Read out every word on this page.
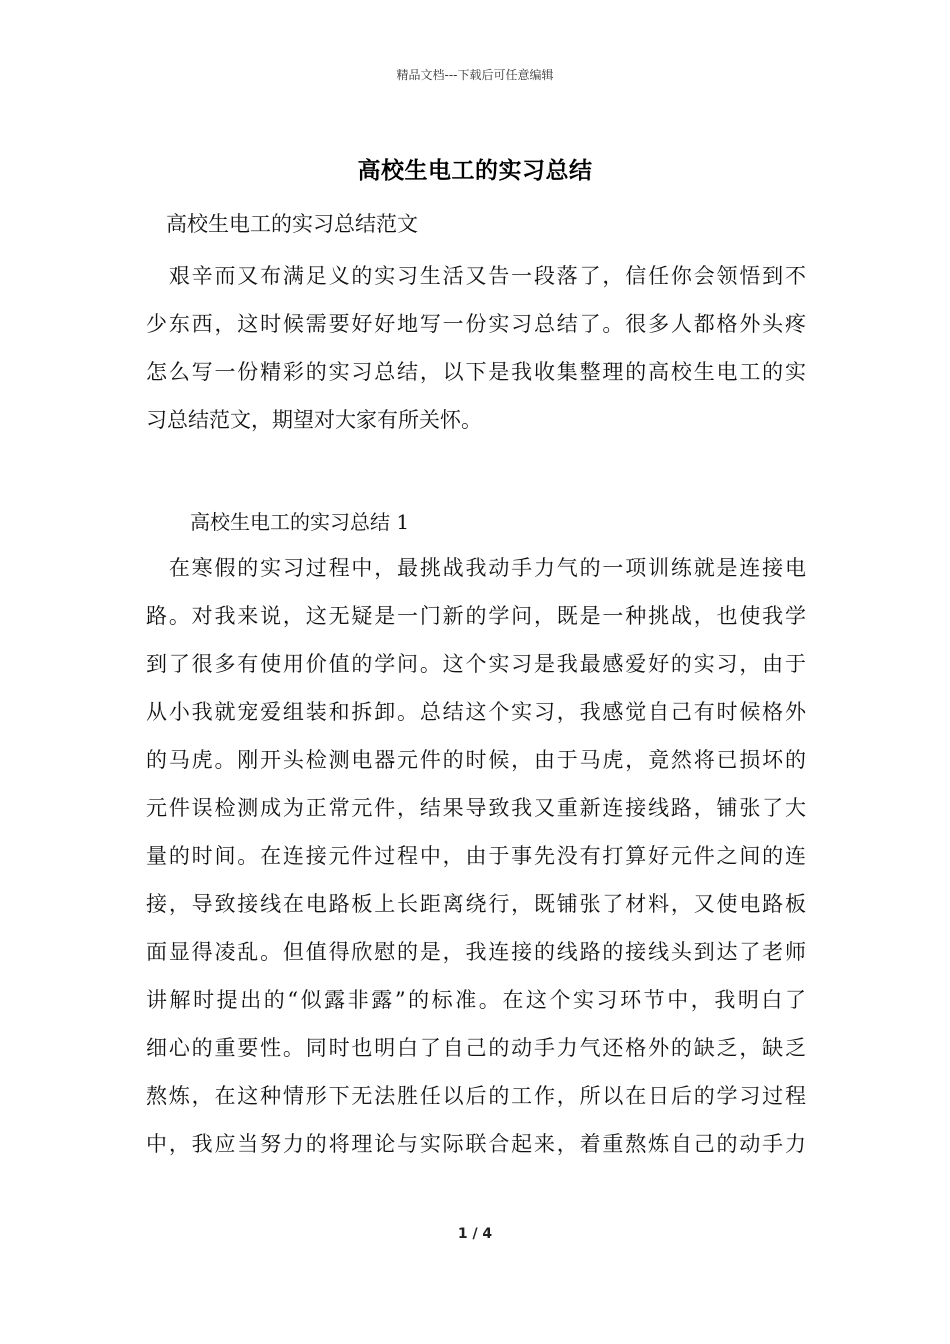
精品文档---下载后可任意编辑
高校生电工的实习总结
高校生电工的实习总结范文
　艰辛而又布满足义的实习生活又告一段落了，信任你会领悟到不
少东西，这时候需要好好地写一份实习总结了。很多人都格外头疼
怎么写一份精彩的实习总结，以下是我收集整理的高校生电工的实
习总结范文，期望对大家有所关怀。
高校生电工的实习总结 1
　在寒假的实习过程中，最挑战我动手力气的一项训练就是连接电
路。对我来说，这无疑是一门新的学问，既是一种挑战，也使我学
到了很多有使用价值的学问。这个实习是我最感爱好的实习，由于
从小我就宠爱组装和拆卸。总结这个实习，我感觉自己有时候格外
的马虎。刚开头检测电器元件的时候，由于马虎，竟然将已损坏的
元件误检测成为正常元件，结果导致我又重新连接线路，铺张了大
量的时间。在连接元件过程中，由于事先没有打算好元件之间的连
接，导致接线在电路板上长距离绕行，既铺张了材料，又使电路板
面显得凌乱。但值得欣慰的是，我连接的线路的接线头到达了老师
讲解时提出的“似露非露”的标准。在这个实习环节中，我明白了
细心的重要性。同时也明白了自己的动手力气还格外的缺乏，缺乏
熬炼，在这种情形下无法胜任以后的工作，所以在日后的学习过程
中，我应当努力的将理论与实际联合起来，着重熬炼自己的动手力
1 / 4
